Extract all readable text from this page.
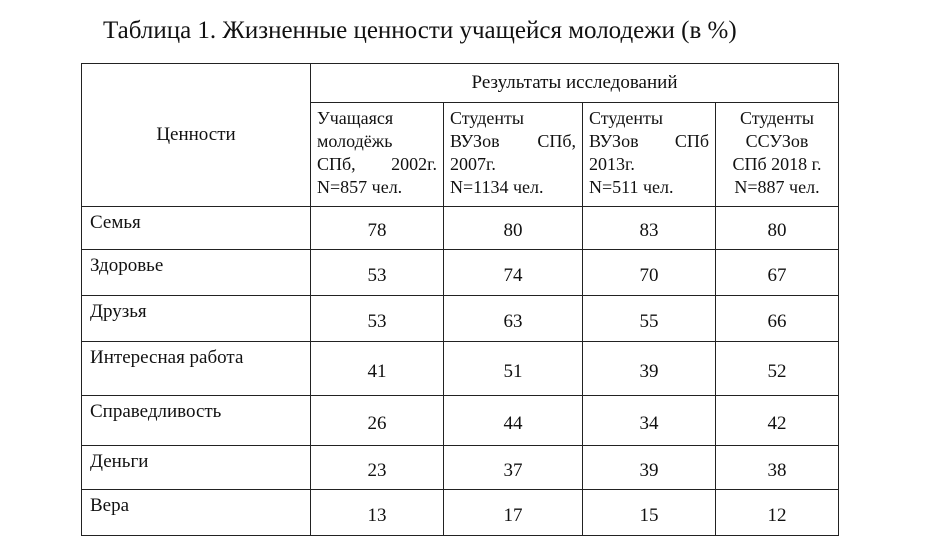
Таблица 1. Жизненные ценности учащейся молодежи (в %)
Ценности	Результаты исследований			

	Учащаяся
молодёжь
СПб, 2002г.
N=857 чел.	Студенты
ВУЗов СПб,
2007г.
N=1134 чел.	Студенты
ВУЗов СПб
2013г.
N=511 чел.	Студенты
ССУЗов
СПб 2018 г.
N=887 чел.

Семья	78	80	83	80
Здоровье	53	74	70	67
Друзья	53	63	55	66
Интересная работа	41	51	39	52
Справедливость	26	44	34	42
Деньги	23	37	39	38
Вера	13	17	15	12
